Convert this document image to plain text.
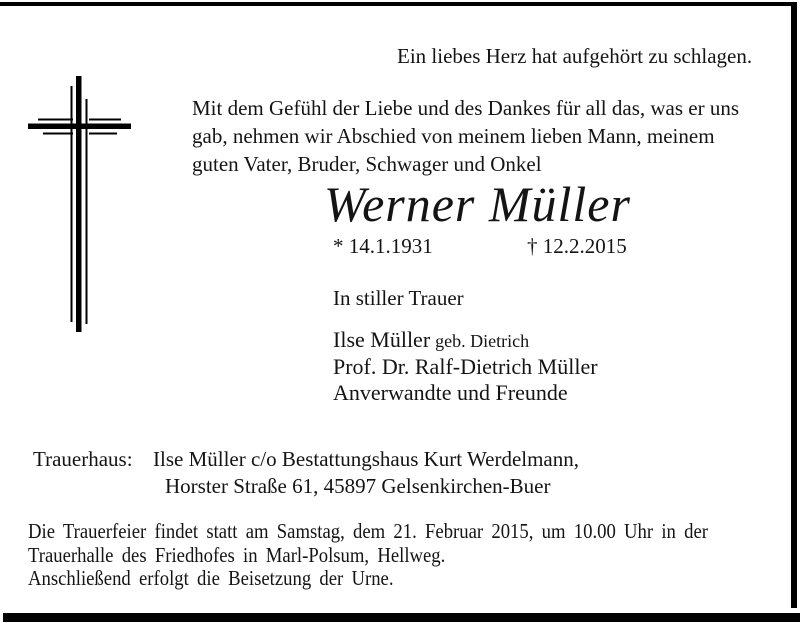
Ein liebes Herz hat aufgehört zu schlagen.
Mit dem Gefühl der Liebe und des Dankes für all das, was er uns
gab, nehmen wir Abschied von meinem lieben Mann, meinem
guten Vater, Bruder, Schwager und Onkel
Werner Müller
* 14.1.1931	† 12.2.2015
In stiller Trauer
Ilse Müller geb. Dietrich
Prof. Dr. Ralf-Dietrich Müller
Anverwandte und Freunde
Trauerhaus: Ilse Müller c/o Bestattungshaus Kurt Werdelmann,
Horster Straße 61, 45897 Gelsenkirchen-Buer
Die Trauerfeier findet statt am Samstag, dem 21. Februar 2015, um 10.00 Uhr in der
Trauerhalle des Friedhofes in Marl-Polsum, Hellweg.
Anschließend erfolgt die Beisetzung der Urne.
